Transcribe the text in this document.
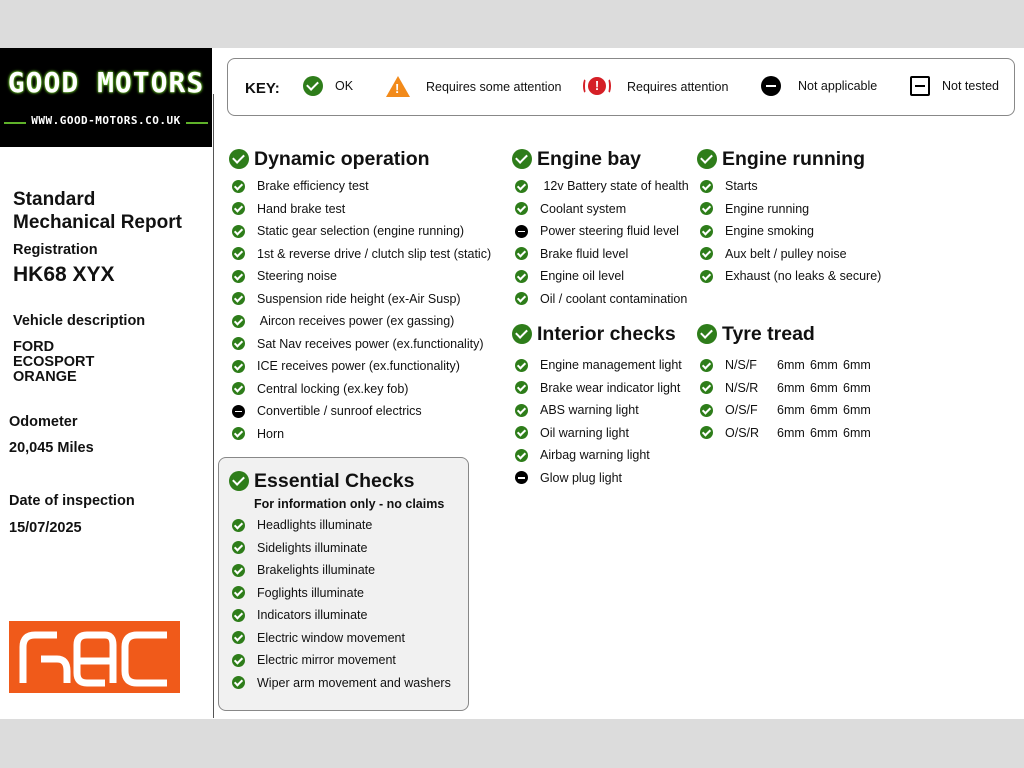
GOOD MOTORS
WWW.GOOD-MOTORS.CO.UK
Standard
Mechanical Report
Registration
HK68 XYX
Vehicle description
FORD
ECOSPORT
ORANGE
Odometer
20,045 Miles
Date of inspection
15/07/2025
KEY:	OK
!	Requires some attention	!	Requires attention	Not applicable	Not tested
Dynamic operation
Brake efficiency test
Hand brake test
Static gear selection (engine running)
1st & reverse drive / clutch slip test (static)
Steering noise
Suspension ride height (ex-Air Susp)
Aircon receives power (ex gassing)
Sat Nav receives power (ex.functionality)
ICE receives power (ex.functionality)
Central locking (ex.key fob)
Convertible / sunroof electrics
Horn
Engine bay
12v Battery state of health
Coolant system
Power steering fluid level
Brake fluid level
Engine oil level
Oil / coolant contamination
Engine running
Starts
Engine running
Engine smoking
Aux belt / pulley noise
Exhaust (no leaks & secure)
Interior checks
Engine management light
Brake wear indicator light
ABS warning light
Oil warning light
Airbag warning light
Glow plug light
Tyre tread
N/S/F	6mm 6mm 6mm
N/S/R	6mm 6mm 6mm
O/S/F	6mm 6mm 6mm
O/S/R	6mm 6mm 6mm
Essential Checks
For information only - no claims
Headlights illuminate
Sidelights illuminate
Brakelights illuminate
Foglights illuminate
Indicators illuminate
Electric window movement
Electric mirror movement
Wiper arm movement and washers
